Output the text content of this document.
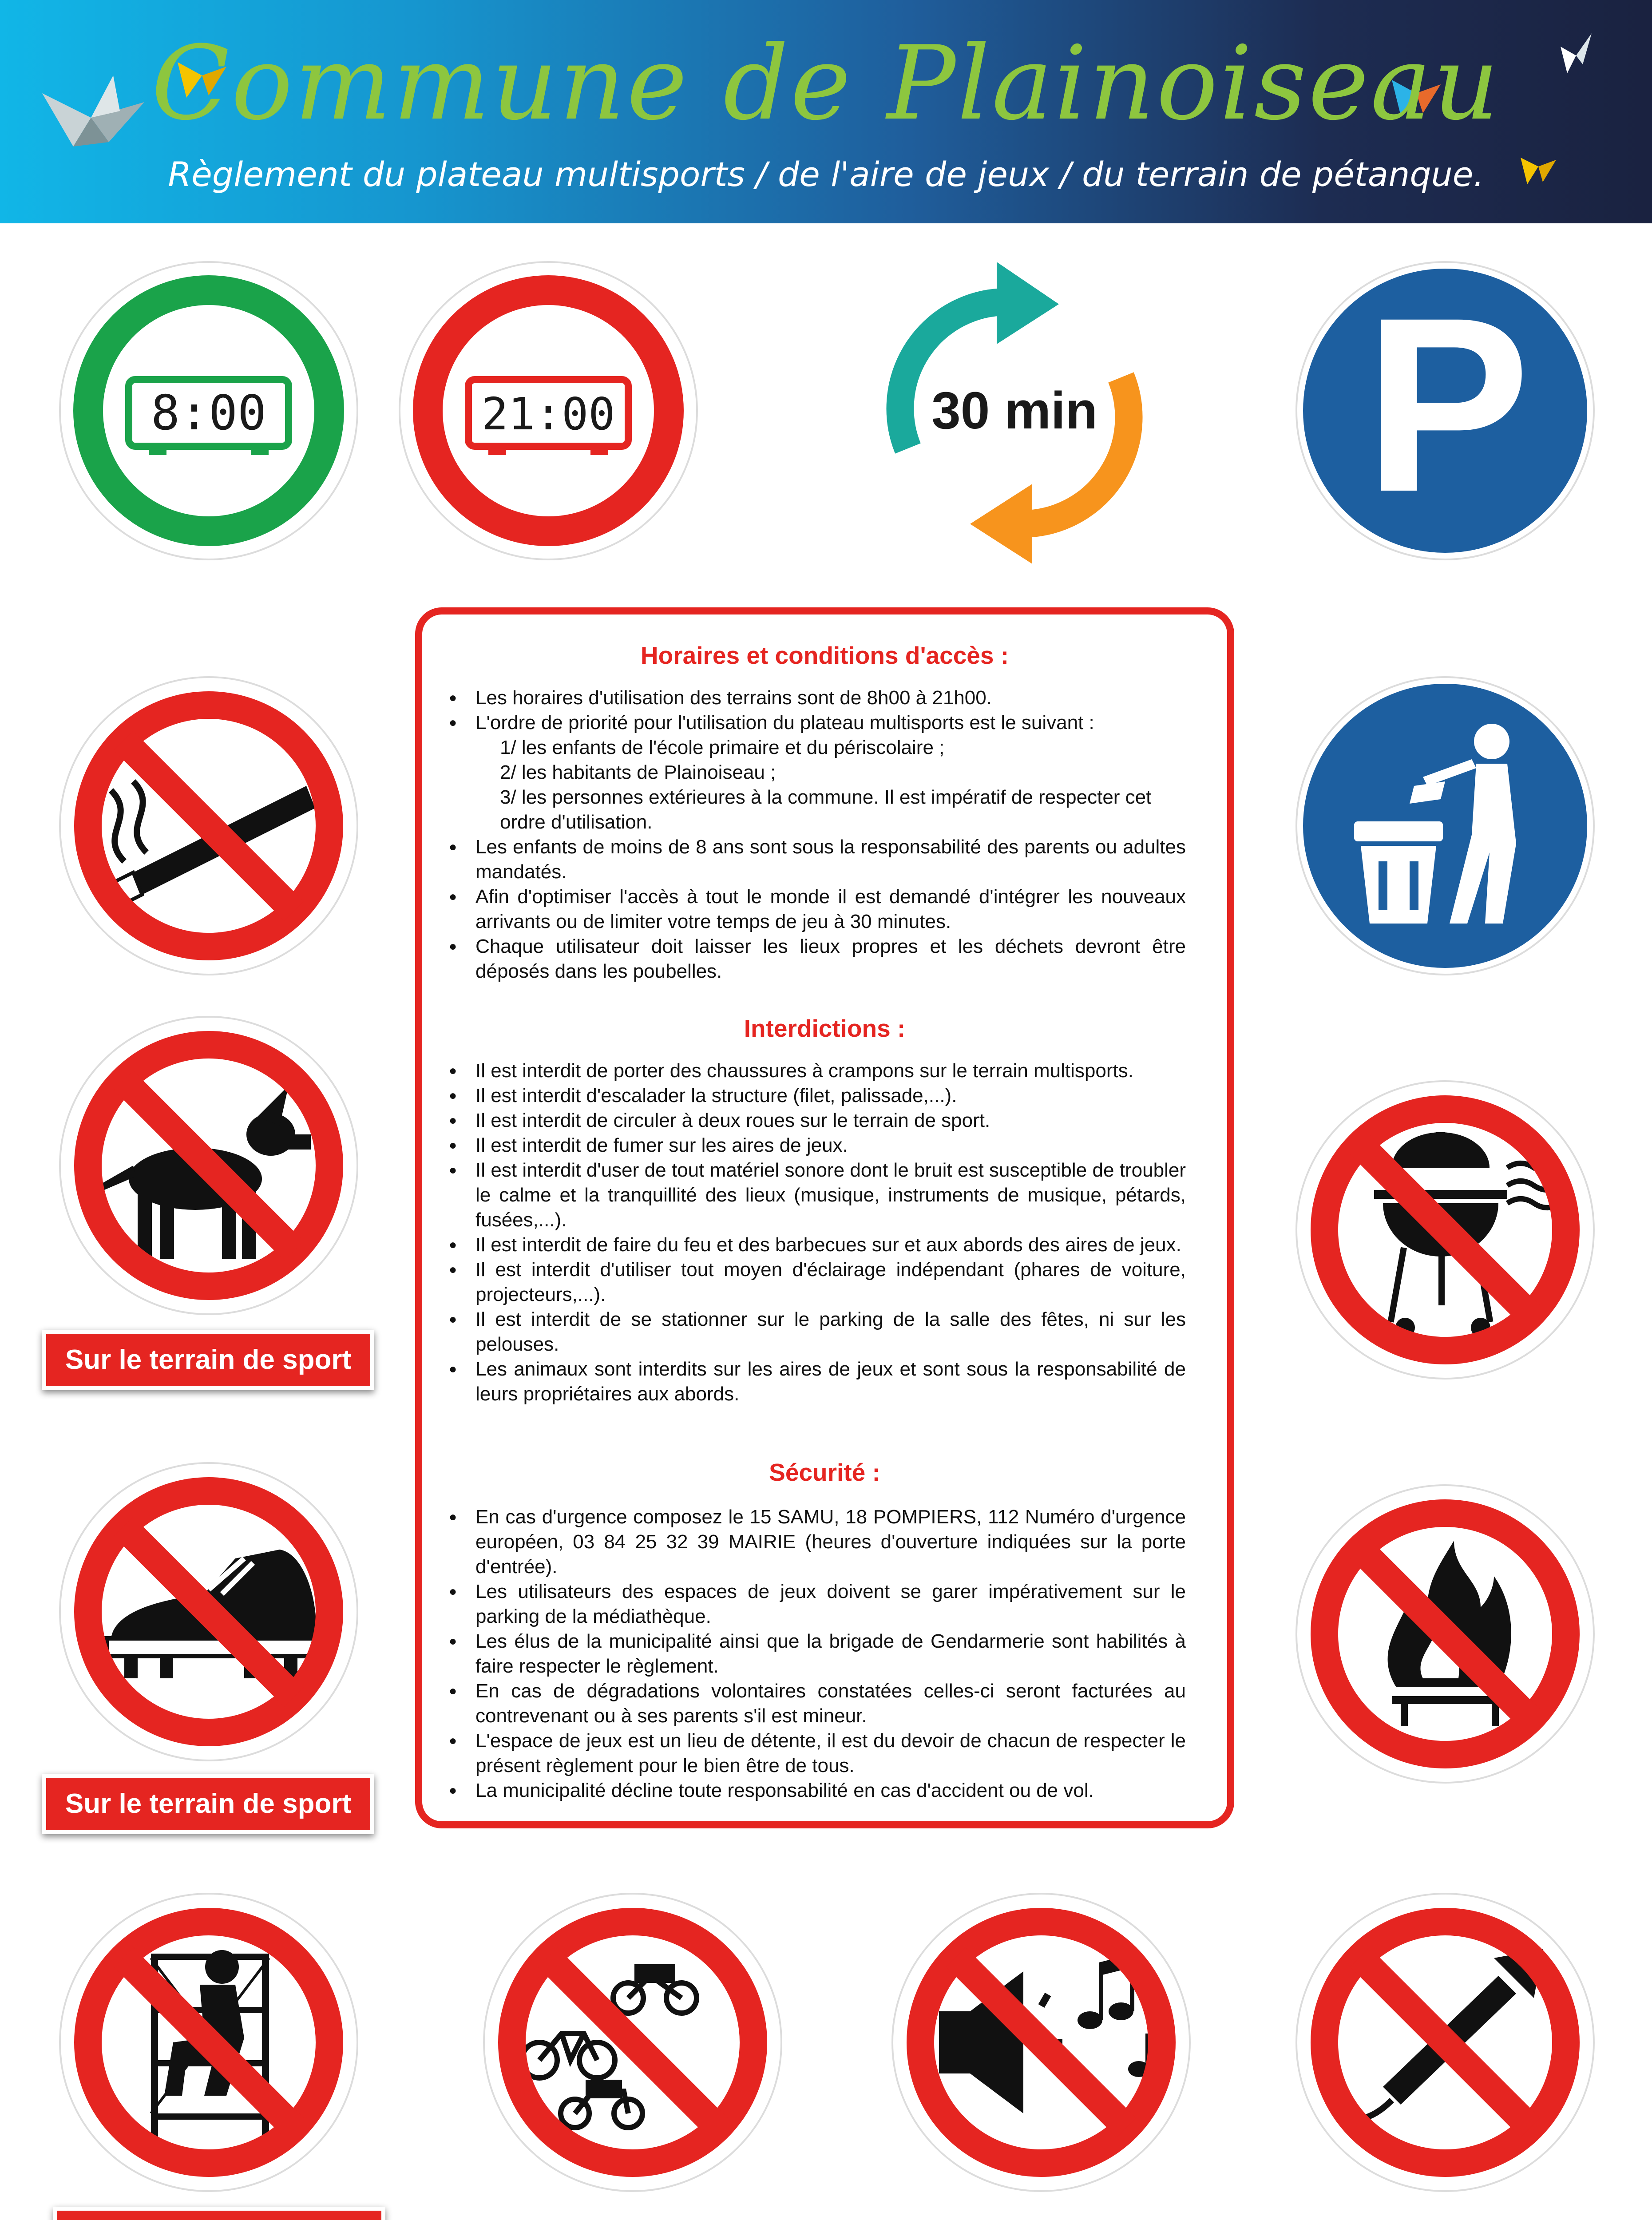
Commune de Plainoiseau
Règlement du plateau multisports / de l'aire de jeux / du terrain de pétanque.
8:00	21:00	30 min P
Sur le terrain de sport
Sur le terrain de sport

Horaires et conditions d'accès :

● Les horaires d'utilisation des terrains sont de 8h00 à 21h00.
● L'ordre de priorité pour l'utilisation du plateau multisports est le suivant :
1/ les enfants de l'école primaire et du périscolaire ;
2/ les habitants de Plainoiseau ;
3/ les personnes extérieures à la commune. Il est impératif de respecter cet ordre d'utilisation.
● Les enfants de moins de 8 ans sont sous la responsabilité des parents ou adultes mandatés.
● Afin d'optimiser l'accès à tout le monde il est demandé d'intégrer les nouveaux arrivants ou de limiter votre temps de jeu à 30 minutes.
● Chaque utilisateur doit laisser les lieux propres et les déchets devront être déposés dans les poubelles.

Interdictions :

● Il est interdit de porter des chaussures à crampons sur le terrain multisports.
● Il est interdit d'escalader la structure (filet, palissade,...).
● Il est interdit de circuler à deux roues sur le terrain de sport.
● Il est interdit de fumer sur les aires de jeux.
● Il est interdit d'user de tout matériel sonore dont le bruit est susceptible de troubler le calme et la tranquillité des lieux (musique, instruments de musique, pétards, fusées,...).
● Il est interdit de faire du feu et des barbecues sur et aux abords des aires de jeux.
● Il est interdit d'utiliser tout moyen d'éclairage indépendant (phares de voiture, projecteurs,...).
● Il est interdit de se stationner sur le parking de la salle des fêtes, ni sur les pelouses.
● Les animaux sont interdits sur les aires de jeux et sont sous la responsabilité de leurs propriétaires aux abords.

Sécurité :

● En cas d'urgence composez le 15 SAMU, 18 POMPIERS, 112 Numéro d'urgence européen, 03 84 25 32 39 MAIRIE (heures d'ouverture indiquées sur la porte d'entrée).
● Les utilisateurs des espaces de jeux doivent se garer impérativement sur le parking de la médiathèque.
● Les élus de la municipalité ainsi que la brigade de Gendarmerie sont habilités à faire respecter le règlement.
● En cas de dégradations volontaires constatées celles-ci seront facturées au contrevenant ou à ses parents s'il est mineur.
● L'espace de jeux est un lieu de détente, il est du devoir de chacun de respecter le présent règlement pour le bien être de tous.
● La municipalité décline toute responsabilité en cas d'accident ou de vol.
